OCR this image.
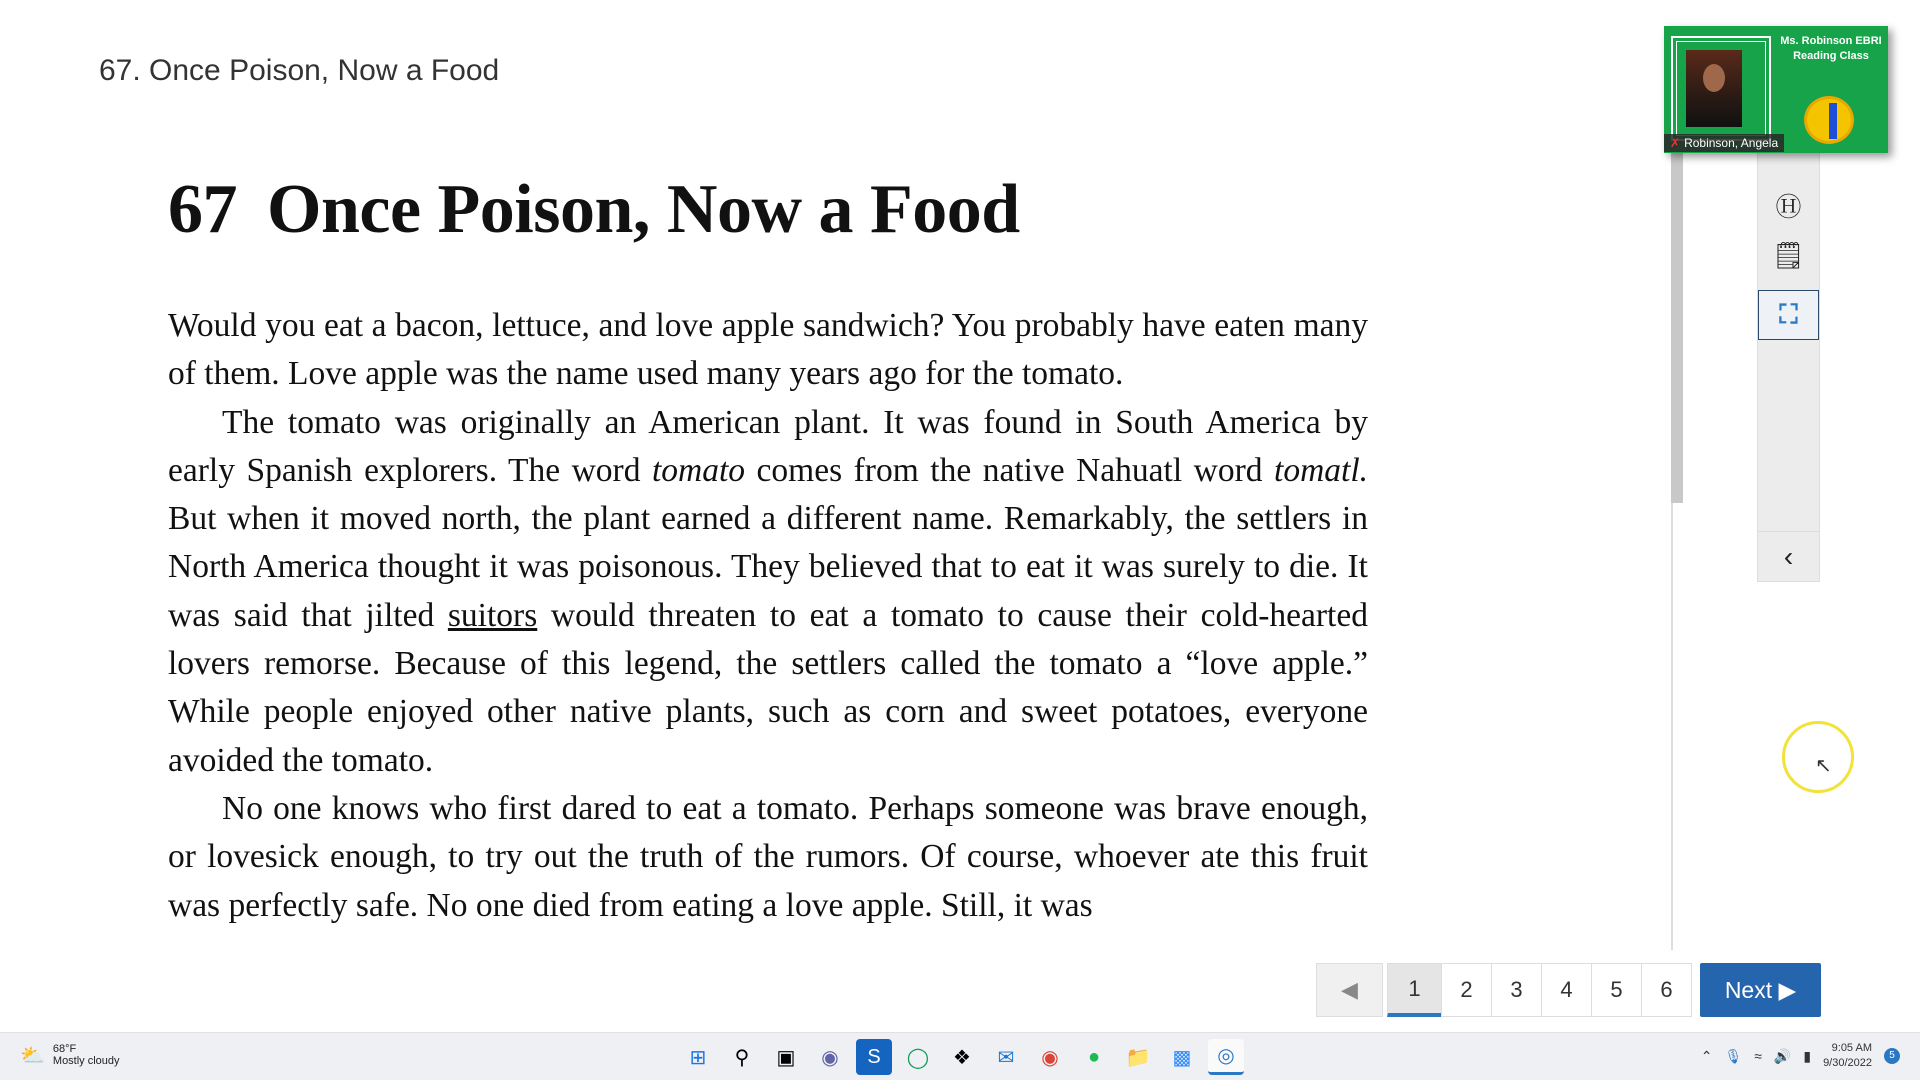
67. Once Poison, Now a Food
67 Once Poison, Now a Food

Would you eat a bacon, lettuce, and love apple sandwich? You probably have eaten many of them. Love apple was the name used many years ago for the tomato.

The tomato was originally an American plant. It was found in South America by early Spanish explorers. The word tomato comes from the native Nahuatl word tomatl. But when it moved north, the plant earned a different name. Remarkably, the settlers in North America thought it was poisonous. They believed that to eat it was surely to die. It was said that jilted suitors would threaten to eat a tomato to cause their cold-hearted lovers remorse. Because of this legend, the settlers called the tomato a “love apple.” While people enjoyed other native plants, such as corn and sweet potatoes, everyone avoided the tomato.

No one knows who first dared to eat a tomato. Perhaps someone was brave enough, or lovesick enough, to try out the truth of the rumors. Of course, whoever ate this fruit was perfectly safe. No one died from eating a love apple. Still, it was

Ⓗ
🗒
⛶
‹
Ms. Robinson EBRI Reading Class
✗ Robinson, Angela
◀	1	2	3	4	5	6	Next ▶
↖
⛅ 68°F
Mostly cloudy	⊞	⚲	▣	◉	S	◯	❖	✉	◉	●	📁	▩	◎	⌃ 🎙 ≈ 🔊 ▮	9:05 AM
9/30/2022
5
